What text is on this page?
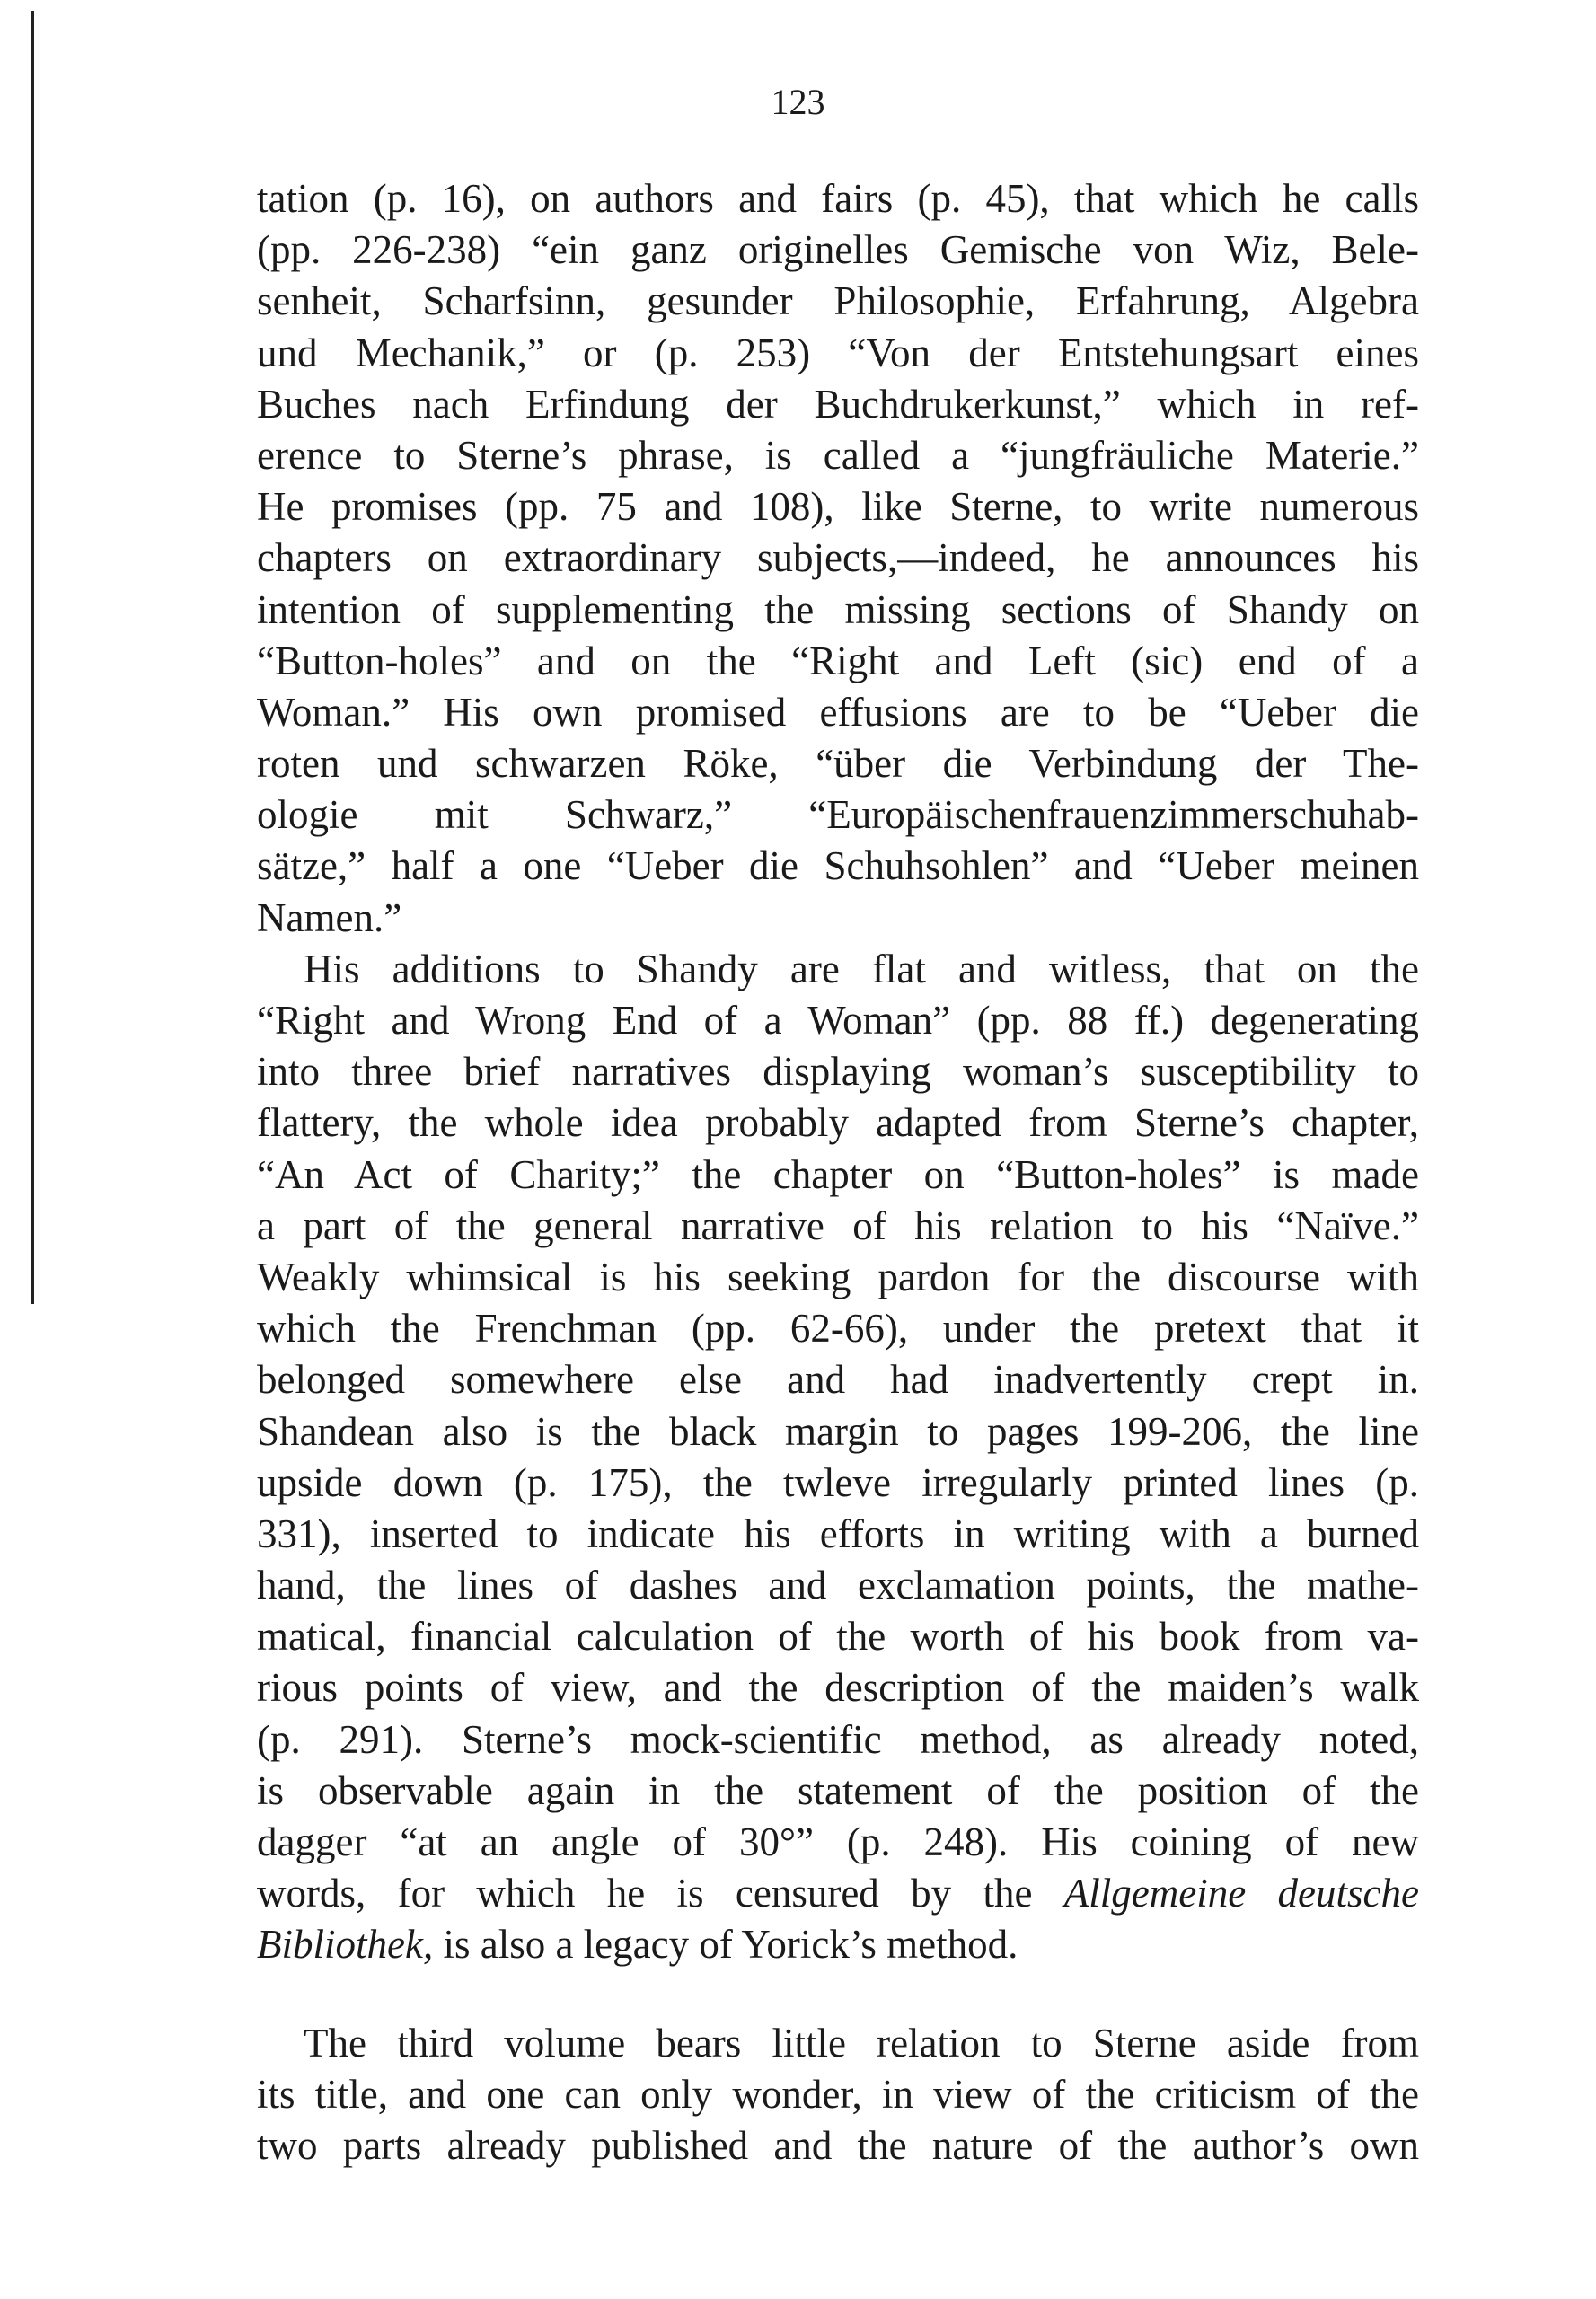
123
tation (p. 16), on authors and fairs (p. 45), that which he calls
(pp. 226-238) “ein ganz originelles Gemische von Wiz, Bele-
senheit, Scharfsinn, gesunder Philosophie, Erfahrung, Algebra
und Mechanik,” or (p. 253) “Von der Entstehungsart eines
Buches nach Erfindung der Buchdrukerkunst,” which in ref-
erence to Sterne’s phrase, is called a “jungfräuliche Materie.”
He promises (pp. 75 and 108), like Sterne, to write numerous
chapters on extraordinary subjects,—indeed, he announces his
intention of supplementing the missing sections of Shandy on
“Button-holes” and on the “Right and Left (sic) end of a
Woman.” His own promised effusions are to be “Ueber die
roten und schwarzen Röke, “über die Verbindung der The-
ologie mit Schwarz,” “Europäischenfrauenzimmerschuhab-
sätze,” half a one “Ueber die Schuhsohlen” and “Ueber meinen
Namen.”
His additions to Shandy are flat and witless, that on the
“Right and Wrong End of a Woman” (pp. 88 ff.) degenerating
into three brief narratives displaying woman’s susceptibility to
flattery, the whole idea probably adapted from Sterne’s chapter,
“An Act of Charity;” the chapter on “Button-holes” is made
a part of the general narrative of his relation to his “Naïve.”
Weakly whimsical is his seeking pardon for the discourse with
which the Frenchman (pp. 62-66), under the pretext that it
belonged somewhere else and had inadvertently crept in.
Shandean also is the black margin to pages 199-206, the line
upside down (p. 175), the twleve irregularly printed lines (p.
331), inserted to indicate his efforts in writing with a burned
hand, the lines of dashes and exclamation points, the mathe-
matical, financial calculation of the worth of his book from va-
rious points of view, and the description of the maiden’s walk
(p. 291). Sterne’s mock-scientific method, as already noted,
is observable again in the statement of the position of the
dagger “at an angle of 30°” (p. 248). His coining of new
words, for which he is censured by the Allgemeine deutsche
Bibliothek, is also a legacy of Yorick’s method.
The third volume bears little relation to Sterne aside from
its title, and one can only wonder, in view of the criticism of the
two parts already published and the nature of the author’s own
